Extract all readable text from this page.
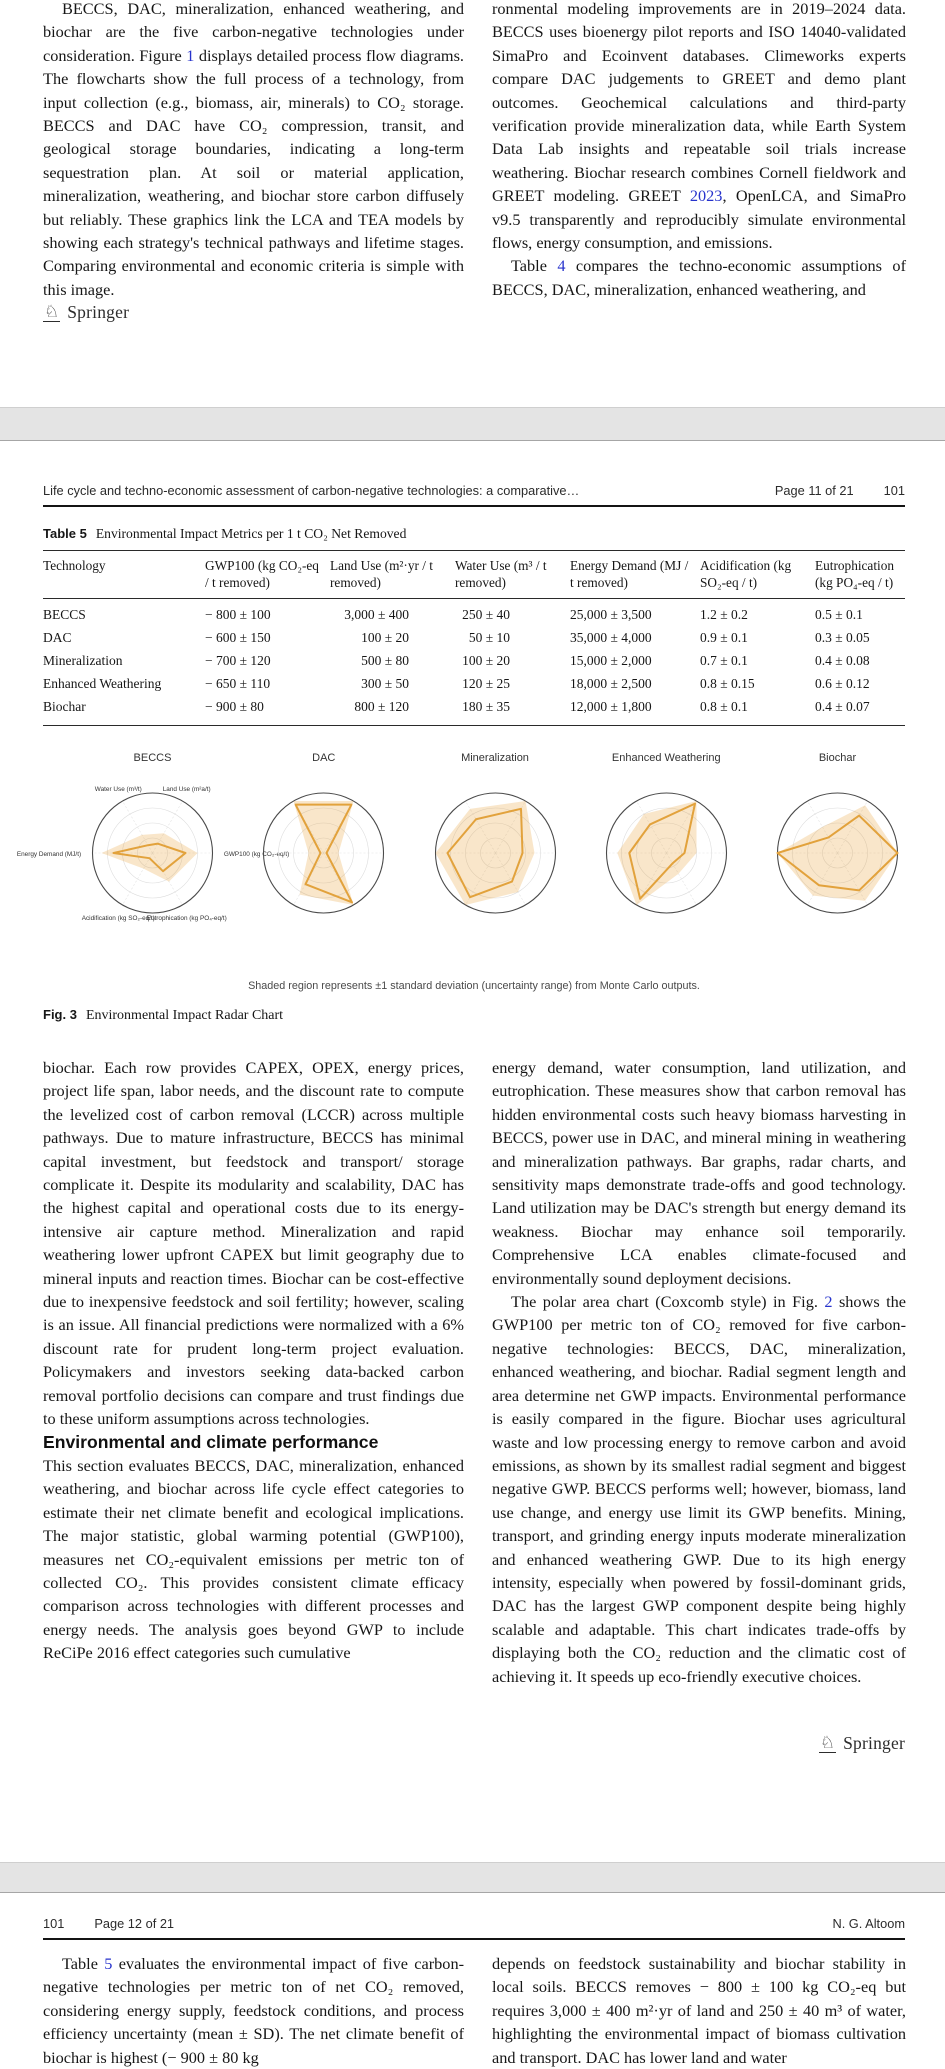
BECCS, DAC, mineralization, enhanced weathering, and biochar are the five carbon-negative technologies under consideration. Figure 1 displays detailed process flow diagrams. The flowcharts show the full process of a technology, from input collection (e.g., biomass, air, minerals) to CO₂ storage. BECCS and DAC have CO₂ compression, transit, and geological storage boundaries, indicating a long-term sequestration plan. At soil or material application, mineralization, weathering, and biochar store carbon diffusely but reliably. These graphics link the LCA and TEA models by showing each strategy's technical pathways and lifetime stages. Comparing environmental and economic criteria is simple with this image.

ronmental modeling improvements are in 2019–2024 data. BECCS uses bioenergy pilot reports and ISO 14040-validated SimaPro and Ecoinvent databases. Climeworks experts compare DAC judgements to GREET and demo plant outcomes. Geochemical calculations and third-party verification provide mineralization data, while Earth System Data Lab insights and repeatable soil trials increase weathering. Biochar research combines Cornell fieldwork and GREET modeling. GREET 2023, OpenLCA, and SimaPro v9.5 transparently and reproducibly simulate environmental flows, energy consumption, and emissions.

Table 4 compares the techno-economic assumptions of BECCS, DAC, mineralization, enhanced weathering, and

♘ Springer
Life cycle and techno-economic assessment of carbon-negative technologies: a comparative…	Page 11 of 21 101
Table 5 Environmental Impact Metrics per 1 t CO₂ Net Removed
Technology	GWP100 (kg CO₂-eq / t removed)	Land Use (m²·yr / t removed)	Water Use (m³ / t removed)	Energy Demand (MJ / t removed)	Acidification (kg SO₂-eq / t)	Eutrophication (kg PO₄-eq / t)
BECCS	− 800 ± 100	3,000 ± 400	250 ± 40	25,000 ± 3,500	1.2 ± 0.2	0.5 ± 0.1
DAC	− 600 ± 150	100 ± 20	50 ± 10	35,000 ± 4,000	0.9 ± 0.1	0.3 ± 0.05
Mineralization	− 700 ± 120	500 ± 80	100 ± 20	15,000 ± 2,000	0.7 ± 0.1	0.4 ± 0.08
Enhanced Weathering	− 650 ± 110	300 ± 50	120 ± 25	18,000 ± 2,500	0.8 ± 0.15	0.6 ± 0.12
Biochar	− 900 ± 80	800 ± 120	180 ± 35	12,000 ± 1,800	0.8 ± 0.1	0.4 ± 0.07
BECCS
GWP100 (kg CO₂-eq/t)
Land Use (m²a/t)
Water Use (m³/t)
Energy Demand (MJ/t)
Acidification (kg SO₂-eq/t)
Eutrophication (kg PO₄-eq/t)
DAC	Mineralization	Enhanced Weathering	Biochar
Shaded region represents ±1 standard deviation (uncertainty range) from Monte Carlo outputs.
Fig. 3 Environmental Impact Radar Chart

biochar. Each row provides CAPEX, OPEX, energy prices, project life span, labor needs, and the discount rate to compute the levelized cost of carbon removal (LCCR) across multiple pathways. Due to mature infrastructure, BECCS has minimal capital investment, but feedstock and transport/ storage complicate it. Despite its modularity and scalability, DAC has the highest capital and operational costs due to its energy-intensive air capture method. Mineralization and rapid weathering lower upfront CAPEX but limit geography due to mineral inputs and reaction times. Biochar can be cost-effective due to inexpensive feedstock and soil fertility; however, scaling is an issue. All financial predictions were normalized with a 6% discount rate for prudent long-term project evaluation. Policymakers and investors seeking data-backed carbon removal portfolio decisions can compare and trust findings due to these uniform assumptions across technologies.

Environmental and climate performance

This section evaluates BECCS, DAC, mineralization, enhanced weathering, and biochar across life cycle effect categories to estimate their net climate benefit and ecological implications. The major statistic, global warming potential (GWP100), measures net CO₂-equivalent emissions per metric ton of collected CO₂. This provides consistent climate efficacy comparison across technologies with different processes and energy needs. The analysis goes beyond GWP to include ReCiPe 2016 effect categories such cumulative

energy demand, water consumption, land utilization, and eutrophication. These measures show that carbon removal has hidden environmental costs such heavy biomass harvesting in BECCS, power use in DAC, and mineral mining in weathering and mineralization pathways. Bar graphs, radar charts, and sensitivity maps demonstrate trade-offs and good technology. Land utilization may be DAC's strength but energy demand its weakness. Biochar may enhance soil temporarily. Comprehensive LCA enables climate-focused and environmentally sound deployment decisions.

The polar area chart (Coxcomb style) in Fig. 2 shows the GWP100 per metric ton of CO₂ removed for five carbon-negative technologies: BECCS, DAC, mineralization, enhanced weathering, and biochar. Radial segment length and area determine net GWP impacts. Environmental performance is easily compared in the figure. Biochar uses agricultural waste and low processing energy to remove carbon and avoid emissions, as shown by its smallest radial segment and biggest negative GWP. BECCS performs well; however, biomass, land use change, and energy use limit its GWP benefits. Mining, transport, and grinding energy inputs moderate mineralization and enhanced weathering GWP. Due to its high energy intensity, especially when powered by fossil-dominant grids, DAC has the largest GWP component despite being highly scalable and adaptable. This chart indicates trade-offs by displaying both the CO₂ reduction and the climatic cost of achieving it. It speeds up eco-friendly executive choices.

♘ Springer
101 Page 12 of 21	N. G. Altoom

Table 5 evaluates the environmental impact of five carbon-negative technologies per metric ton of net CO₂ removed, considering energy supply, feedstock conditions, and process efficiency uncertainty (mean ± SD). The net climate benefit of biochar is highest (− 900 ± 80 kg

depends on feedstock sustainability and biochar stability in local soils. BECCS removes − 800 ± 100 kg CO₂-eq but requires 3,000 ± 400 m²·yr of land and 250 ± 40 m³ of water, highlighting the environmental impact of biomass cultivation and transport. DAC has lower land and water
